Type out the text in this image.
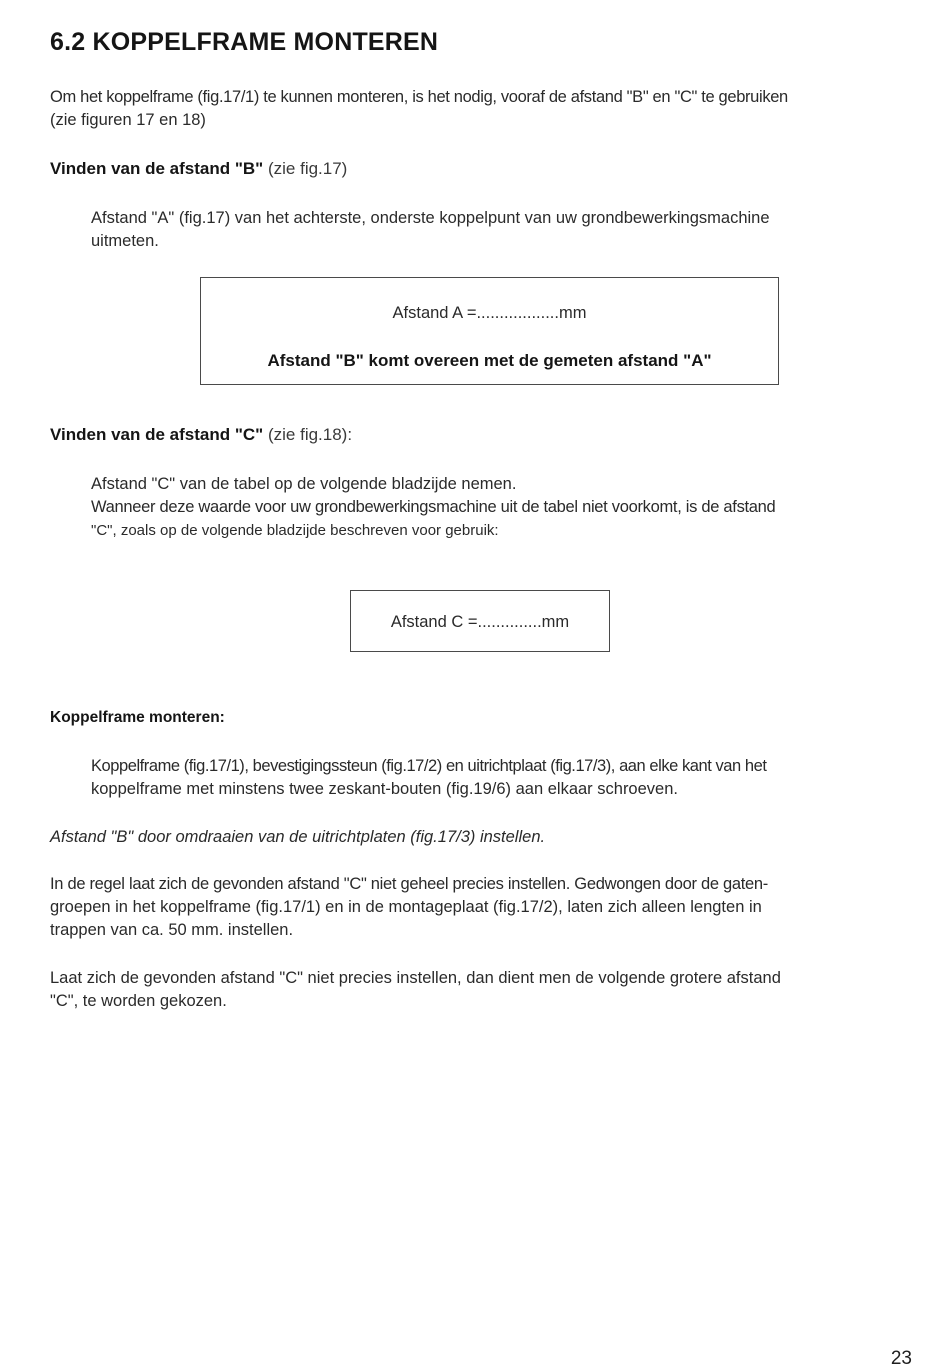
6.2 KOPPELFRAME MONTEREN
Om het koppelframe (fig.17/1) te kunnen monteren, is het nodig, vooraf de afstand "B" en "C" te gebruiken
(zie figuren 17 en 18)
Vinden van de afstand "B" (zie fig.17)
Afstand "A" (fig.17) van het achterste, onderste koppelpunt van uw grondbewerkingsmachine
uitmeten.
Afstand A =..................mm
Afstand "B" komt overeen met de gemeten afstand "A"
Vinden van de afstand "C" (zie fig.18):
Afstand "C" van de tabel op de volgende bladzijde nemen.
Wanneer deze waarde voor uw grondbewerkingsmachine uit de tabel niet voorkomt, is de afstand
"C", zoals op de volgende bladzijde beschreven voor gebruik:
Afstand C =..............mm
Koppelframe monteren:
Koppelframe (fig.17/1), bevestigingssteun (fig.17/2) en uitrichtplaat (fig.17/3), aan elke kant van het
koppelframe met minstens twee zeskant-bouten (fig.19/6) aan elkaar schroeven.
Afstand "B" door omdraaien van de uitrichtplaten (fig.17/3) instellen.
In de regel laat zich de gevonden afstand "C" niet geheel precies instellen. Gedwongen door de gaten-
groepen in het koppelframe (fig.17/1) en in de montageplaat (fig.17/2), laten zich alleen lengten in
trappen van ca. 50 mm. instellen.
Laat zich de gevonden afstand "C" niet precies instellen, dan dient men de volgende grotere afstand
"C", te worden gekozen.
23
